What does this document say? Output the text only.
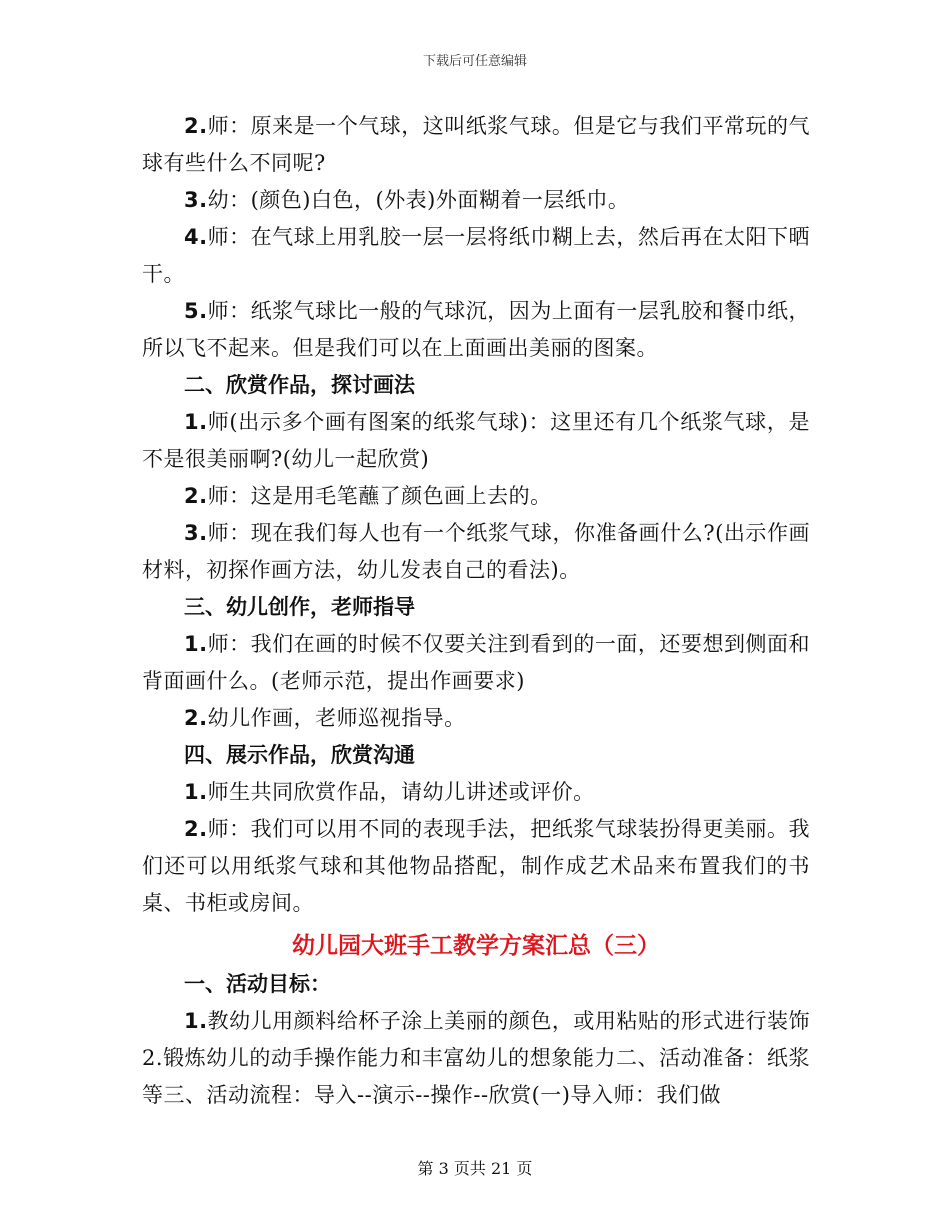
下载后可任意编辑

2.师：原来是一个气球，这叫纸浆气球。但是它与我们平常玩的气球有些什么不同呢?

3.幼：(颜色)白色，(外表)外面糊着一层纸巾。

4.师：在气球上用乳胶一层一层将纸巾糊上去，然后再在太阳下晒干。

5.师：纸浆气球比一般的气球沉，因为上面有一层乳胶和餐巾纸，所以飞不起来。但是我们可以在上面画出美丽的图案。

二、欣赏作品，探讨画法

1.师(出示多个画有图案的纸浆气球)：这里还有几个纸浆气球，是不是很美丽啊?(幼儿一起欣赏)

2.师：这是用毛笔蘸了颜色画上去的。

3.师：现在我们每人也有一个纸浆气球，你准备画什么?(出示作画材料，初探作画方法，幼儿发表自己的看法)。

三、幼儿创作，老师指导

1.师：我们在画的时候不仅要关注到看到的一面，还要想到侧面和背面画什么。(老师示范，提出作画要求)

2.幼儿作画，老师巡视指导。

四、展示作品，欣赏沟通

1.师生共同欣赏作品，请幼儿讲述或评价。

2.师：我们可以用不同的表现手法，把纸浆气球装扮得更美丽。我们还可以用纸浆气球和其他物品搭配，制作成艺术品来布置我们的书桌、书柜或房间。

幼儿园大班手工教学方案汇总（三）

一、活动目标：

1.教幼儿用颜料给杯子涂上美丽的颜色，或用粘贴的形式进行装饰2.锻炼幼儿的动手操作能力和丰富幼儿的想象能力二、活动准备：纸浆等三、活动流程：导入--演示--操作--欣赏(一)导入师：我们做

第 3 页共 21 页
